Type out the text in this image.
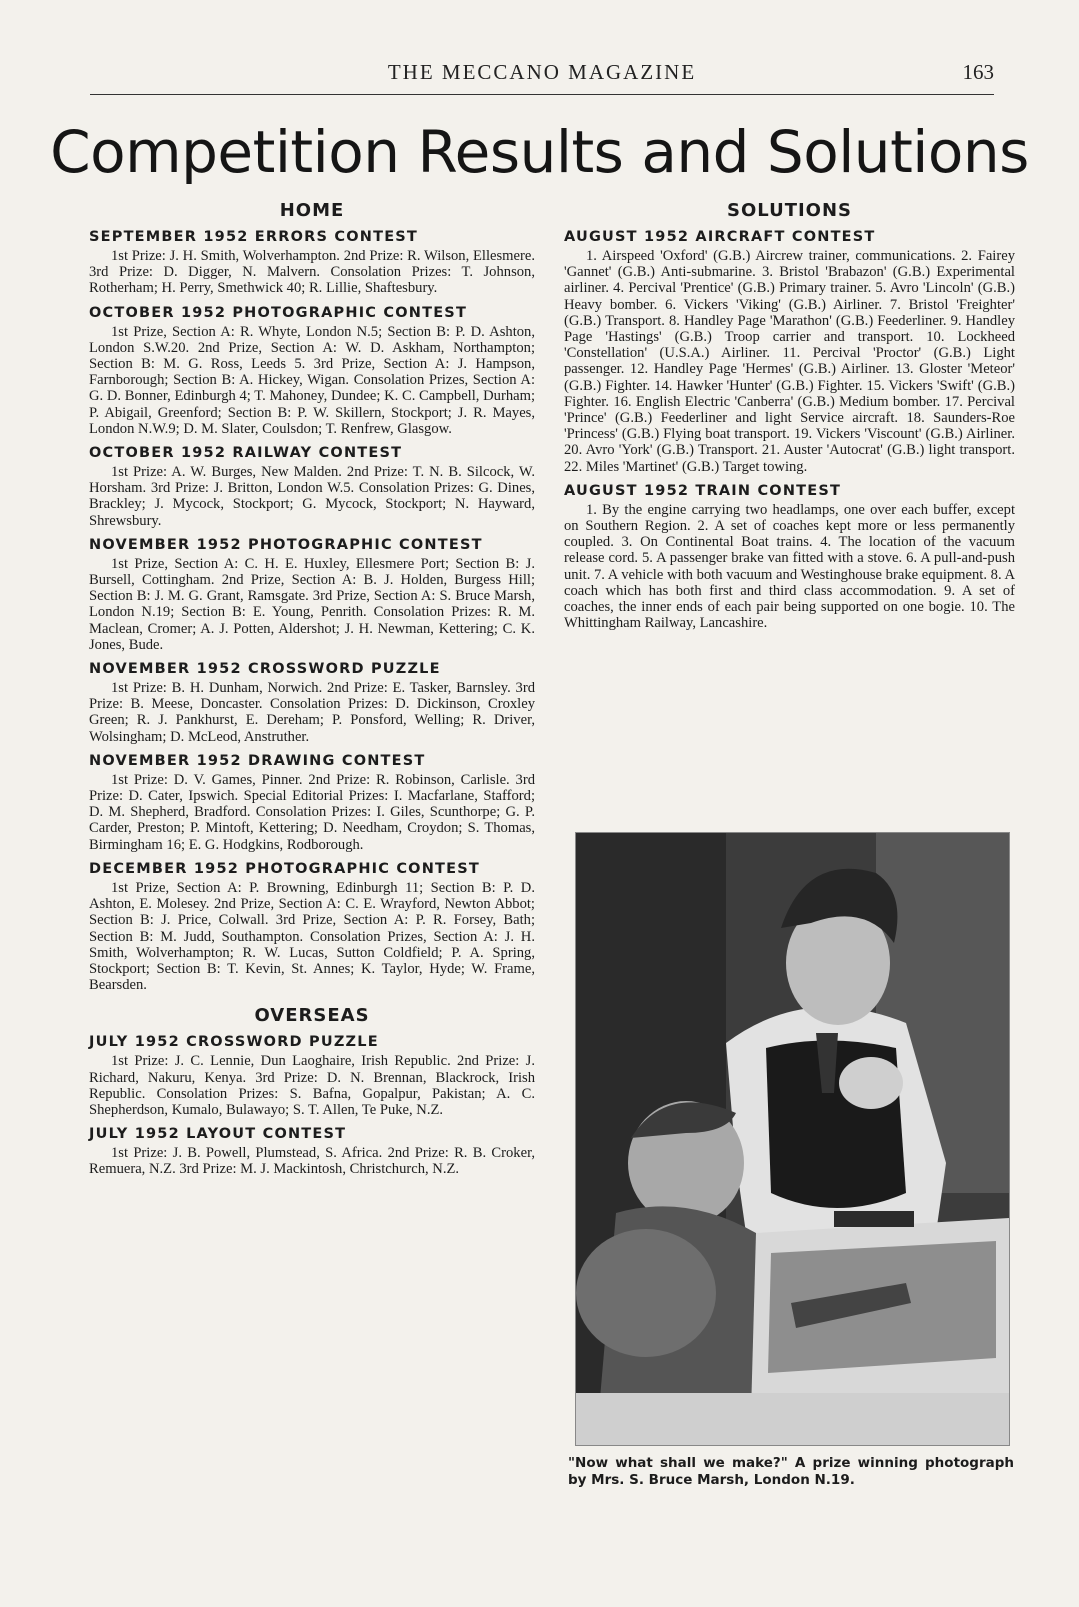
THE MECCANO MAGAZINE	163
Competition Results and Solutions
HOME
SEPTEMBER 1952 ERRORS CONTEST

1st Prize: J. H. Smith, Wolverhampton. 2nd Prize: R. Wilson, Ellesmere. 3rd Prize: D. Digger, N. Malvern. Consolation Prizes: T. Johnson, Rotherham; H. Perry, Smethwick 40; R. Lillie, Shaftesbury.

OCTOBER 1952 PHOTOGRAPHIC CONTEST

1st Prize, Section A: R. Whyte, London N.5; Section B: P. D. Ashton, London S.W.20. 2nd Prize, Section A: W. D. Askham, Northampton; Section B: M. G. Ross, Leeds 5. 3rd Prize, Section A: J. Hampson, Farnborough; Section B: A. Hickey, Wigan. Consolation Prizes, Section A: G. D. Bonner, Edinburgh 4; T. Mahoney, Dundee; K. C. Campbell, Durham; P. Abigail, Greenford; Section B: P. W. Skillern, Stockport; J. R. Mayes, London N.W.9; D. M. Slater, Coulsdon; T. Renfrew, Glasgow.

OCTOBER 1952 RAILWAY CONTEST

1st Prize: A. W. Burges, New Malden. 2nd Prize: T. N. B. Silcock, W. Horsham. 3rd Prize: J. Britton, London W.5. Consolation Prizes: G. Dines, Brackley; J. Mycock, Stockport; G. Mycock, Stockport; N. Hayward, Shrewsbury.

NOVEMBER 1952 PHOTOGRAPHIC CONTEST

1st Prize, Section A: C. H. E. Huxley, Ellesmere Port; Section B: J. Bursell, Cottingham. 2nd Prize, Section A: B. J. Holden, Burgess Hill; Section B: J. M. G. Grant, Ramsgate. 3rd Prize, Section A: S. Bruce Marsh, London N.19; Section B: E. Young, Penrith. Consolation Prizes: R. M. Maclean, Cromer; A. J. Potten, Aldershot; J. H. Newman, Kettering; C. K. Jones, Bude.

NOVEMBER 1952 CROSSWORD PUZZLE

1st Prize: B. H. Dunham, Norwich. 2nd Prize: E. Tasker, Barnsley. 3rd Prize: B. Meese, Doncaster. Consolation Prizes: D. Dickinson, Croxley Green; R. J. Pankhurst, E. Dereham; P. Ponsford, Welling; R. Driver, Wolsingham; D. McLeod, Anstruther.

NOVEMBER 1952 DRAWING CONTEST

1st Prize: D. V. Games, Pinner. 2nd Prize: R. Robinson, Carlisle. 3rd Prize: D. Cater, Ipswich. Special Editorial Prizes: I. Macfarlane, Stafford; D. M. Shepherd, Bradford. Consolation Prizes: I. Giles, Scunthorpe; G. P. Carder, Preston; P. Mintoft, Kettering; D. Needham, Croydon; S. Thomas, Birmingham 16; E. G. Hodgkins, Rodborough.

DECEMBER 1952 PHOTOGRAPHIC CONTEST

1st Prize, Section A: P. Browning, Edinburgh 11; Section B: P. D. Ashton, E. Molesey. 2nd Prize, Section A: C. E. Wrayford, Newton Abbot; Section B: J. Price, Colwall. 3rd Prize, Section A: P. R. Forsey, Bath; Section B: M. Judd, Southampton. Consolation Prizes, Section A: J. H. Smith, Wolverhampton; R. W. Lucas, Sutton Coldfield; P. A. Spring, Stockport; Section B: T. Kevin, St. Annes; K. Taylor, Hyde; W. Frame, Bearsden.

OVERSEAS
JULY 1952 CROSSWORD PUZZLE

1st Prize: J. C. Lennie, Dun Laoghaire, Irish Republic. 2nd Prize: J. Richard, Nakuru, Kenya. 3rd Prize: D. N. Brennan, Blackrock, Irish Republic. Consolation Prizes: S. Bafna, Gopalpur, Pakistan; A. C. Shepherdson, Kumalo, Bulawayo; S. T. Allen, Te Puke, N.Z.

JULY 1952 LAYOUT CONTEST

1st Prize: J. B. Powell, Plumstead, S. Africa. 2nd Prize: R. B. Croker, Remuera, N.Z. 3rd Prize: M. J. Mackintosh, Christchurch, N.Z.

SOLUTIONS
AUGUST 1952 AIRCRAFT CONTEST

1. Airspeed 'Oxford' (G.B.) Aircrew trainer, communications. 2. Fairey 'Gannet' (G.B.) Anti-submarine. 3. Bristol 'Brabazon' (G.B.) Experimental airliner. 4. Percival 'Prentice' (G.B.) Primary trainer. 5. Avro 'Lincoln' (G.B.) Heavy bomber. 6. Vickers 'Viking' (G.B.) Airliner. 7. Bristol 'Freighter' (G.B.) Transport. 8. Handley Page 'Marathon' (G.B.) Feederliner. 9. Handley Page 'Hastings' (G.B.) Troop carrier and transport. 10. Lockheed 'Constellation' (U.S.A.) Airliner. 11. Percival 'Proctor' (G.B.) Light passenger. 12. Handley Page 'Hermes' (G.B.) Airliner. 13. Gloster 'Meteor' (G.B.) Fighter. 14. Hawker 'Hunter' (G.B.) Fighter. 15. Vickers 'Swift' (G.B.) Fighter. 16. English Electric 'Canberra' (G.B.) Medium bomber. 17. Percival 'Prince' (G.B.) Feederliner and light Service aircraft. 18. Saunders-Roe 'Princess' (G.B.) Flying boat transport. 19. Vickers 'Viscount' (G.B.) Airliner. 20. Avro 'York' (G.B.) Transport. 21. Auster 'Autocrat' (G.B.) light transport. 22. Miles 'Martinet' (G.B.) Target towing.

AUGUST 1952 TRAIN CONTEST

1. By the engine carrying two headlamps, one over each buffer, except on Southern Region. 2. A set of coaches kept more or less permanently coupled. 3. On Continental Boat trains. 4. The location of the vacuum release cord. 5. A passenger brake van fitted with a stove. 6. A pull-and-push unit. 7. A vehicle with both vacuum and Westinghouse brake equipment. 8. A coach which has both first and third class accommodation. 9. A set of coaches, the inner ends of each pair being supported on one bogie. 10. The Whittingham Railway, Lancashire.

"Now what shall we make?" A prize winning photograph by Mrs. S. Bruce Marsh, London N.19.
